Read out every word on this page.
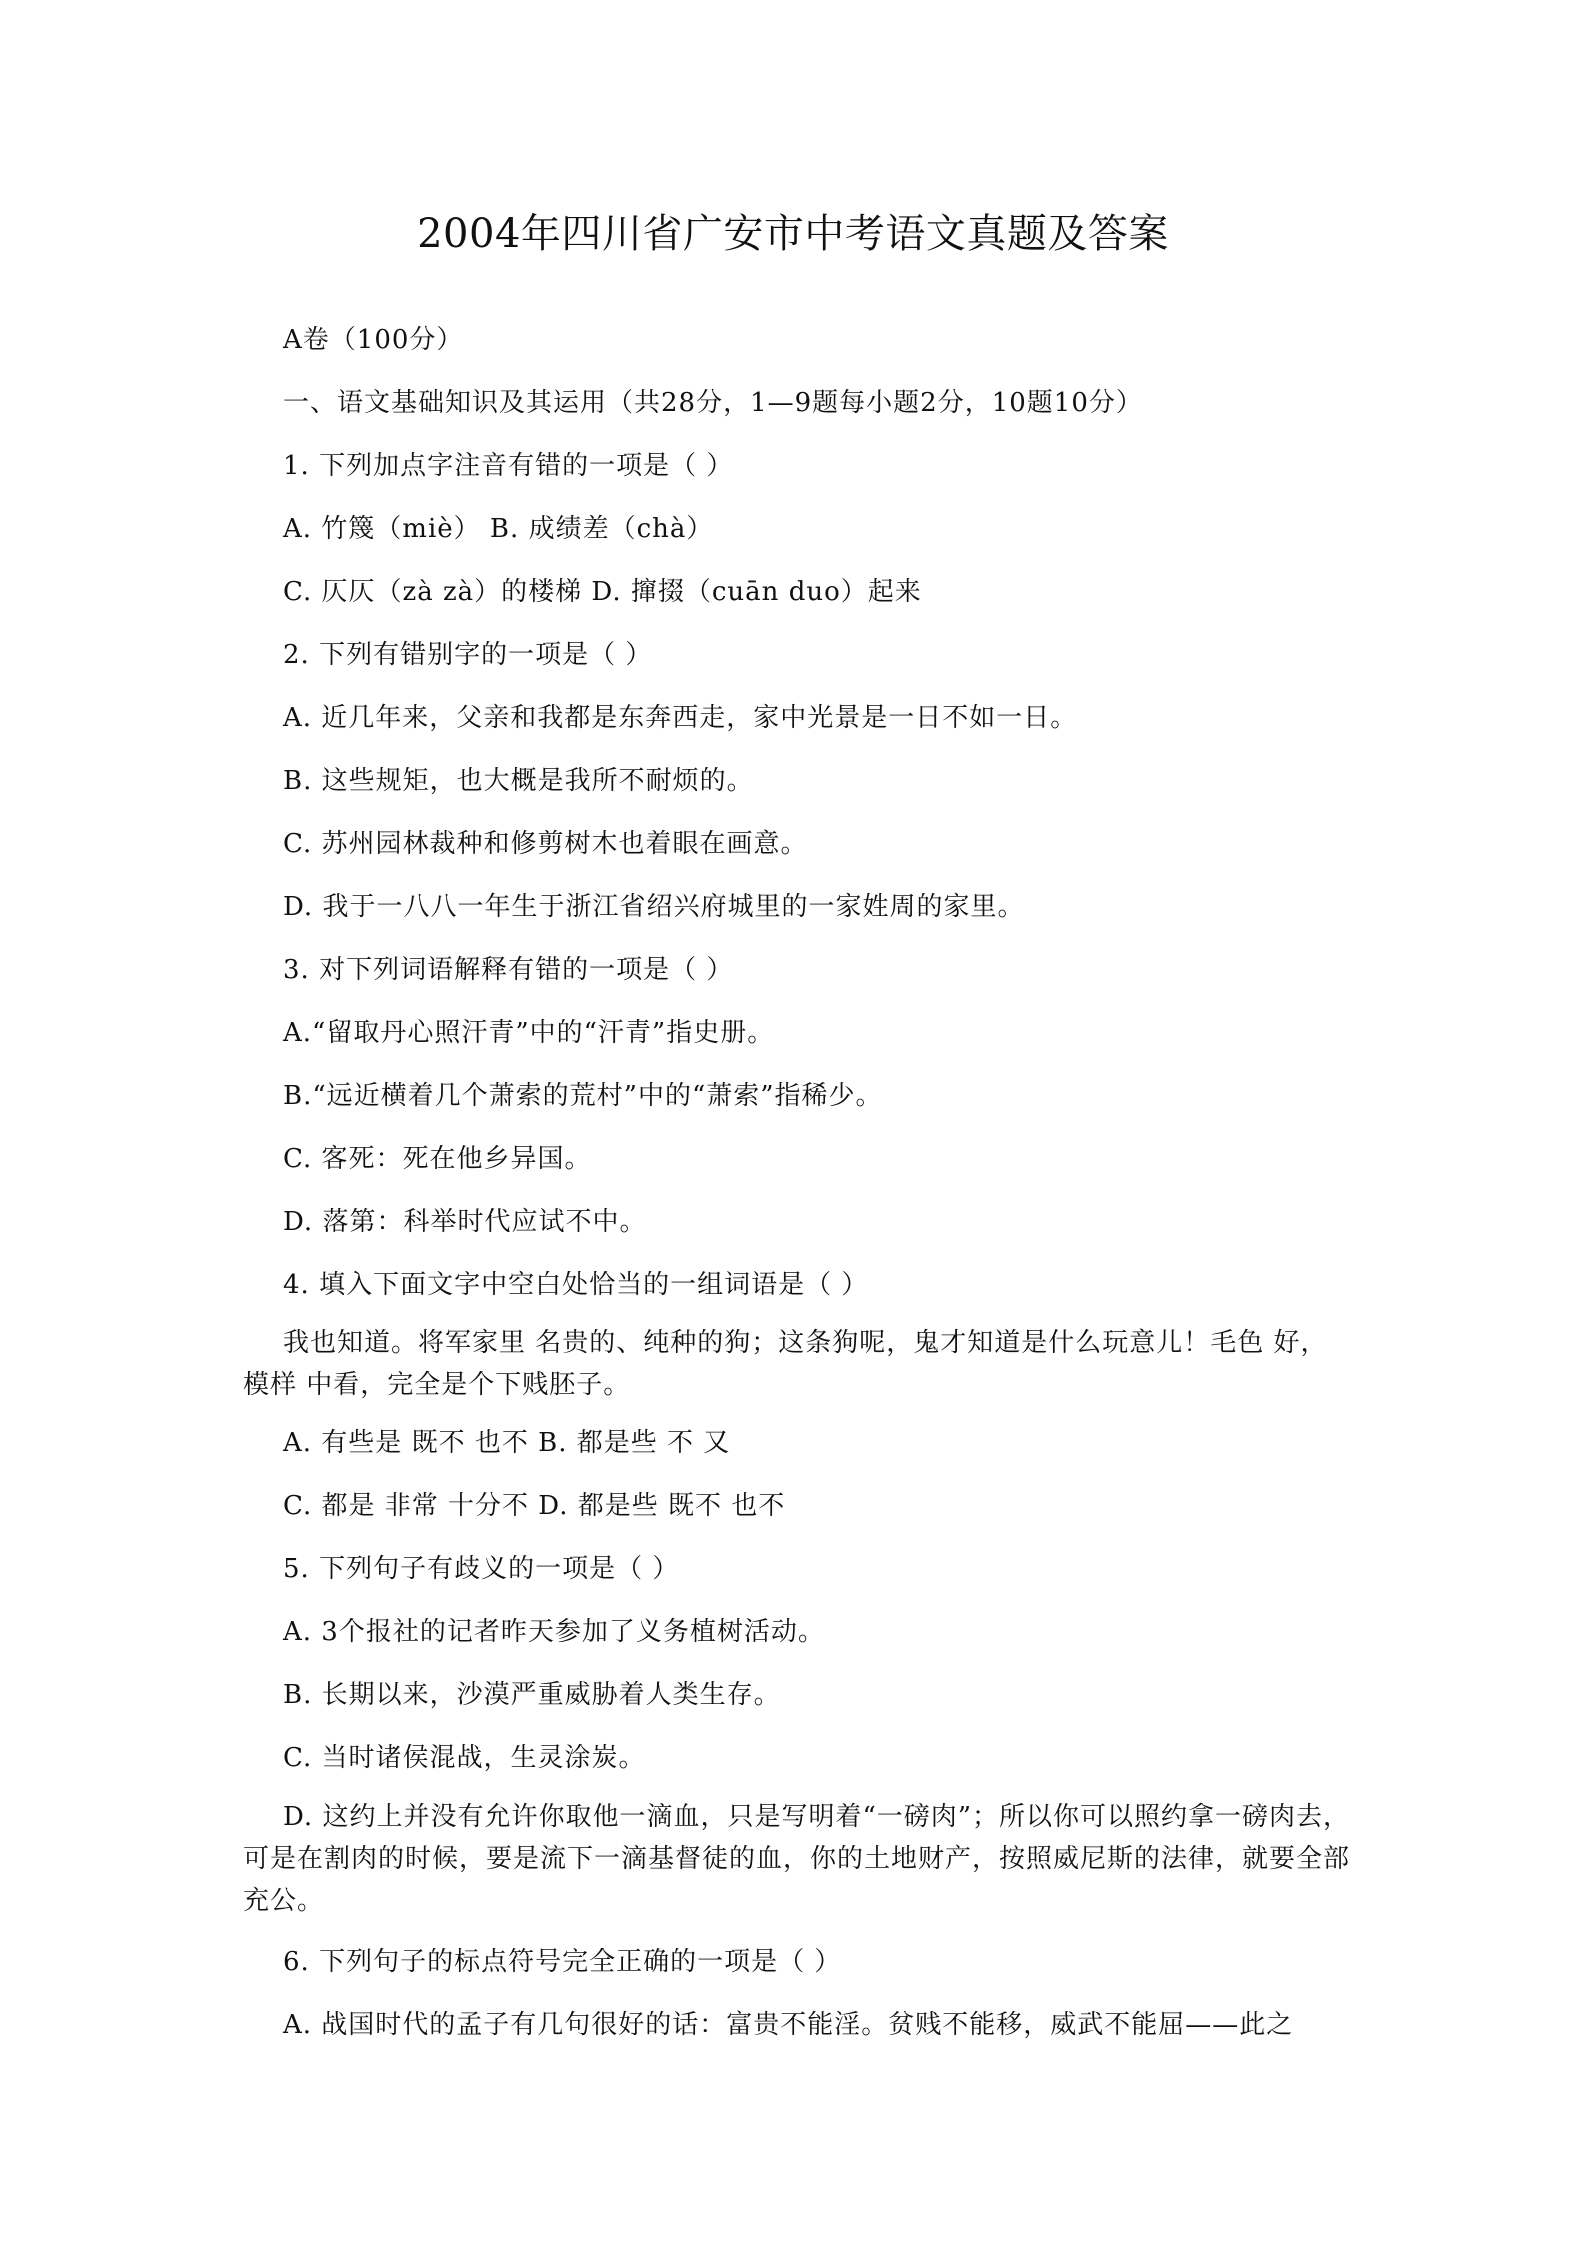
2004年四川省广安市中考语文真题及答案
A卷（100分）
一、语文基础知识及其运用（共28分，1—9题每小题2分，10题10分）
1. 下列加点字注音有错的一项是（ ）
A. 竹篾（miè） B. 成绩差（chà）
C. 仄仄（zà zà）的楼梯 D. 撺掇（cuān duo）起来
2. 下列有错别字的一项是（ ）
A. 近几年来，父亲和我都是东奔西走，家中光景是一日不如一日。
B. 这些规矩，也大概是我所不耐烦的。
C. 苏州园林裁种和修剪树木也着眼在画意。
D. 我于一八八一年生于浙江省绍兴府城里的一家姓周的家里。
3. 对下列词语解释有错的一项是（ ）
A.“留取丹心照汗青”中的“汗青”指史册。
B.“远近横着几个萧索的荒村”中的“萧索”指稀少。
C. 客死：死在他乡异国。
D. 落第：科举时代应试不中。
4. 填入下面文字中空白处恰当的一组词语是（ ）
我也知道。将军家里 名贵的、纯种的狗；这条狗呢，鬼才知道是什么玩意儿！毛色 好，模样 中看，完全是个下贱胚子。
A. 有些是 既不 也不 B. 都是些 不 又
C. 都是 非常 十分不 D. 都是些 既不 也不
5. 下列句子有歧义的一项是（ ）
A. 3个报社的记者昨天参加了义务植树活动。
B. 长期以来，沙漠严重威胁着人类生存。
C. 当时诸侯混战，生灵涂炭。
D. 这约上并没有允许你取他一滴血，只是写明着“一磅肉”；所以你可以照约拿一磅肉去，可是在割肉的时候，要是流下一滴基督徒的血，你的土地财产，按照威尼斯的法律，就要全部充公。
6. 下列句子的标点符号完全正确的一项是（ ）
A. 战国时代的孟子有几句很好的话：富贵不能淫。贫贱不能移，威武不能屈——此之
